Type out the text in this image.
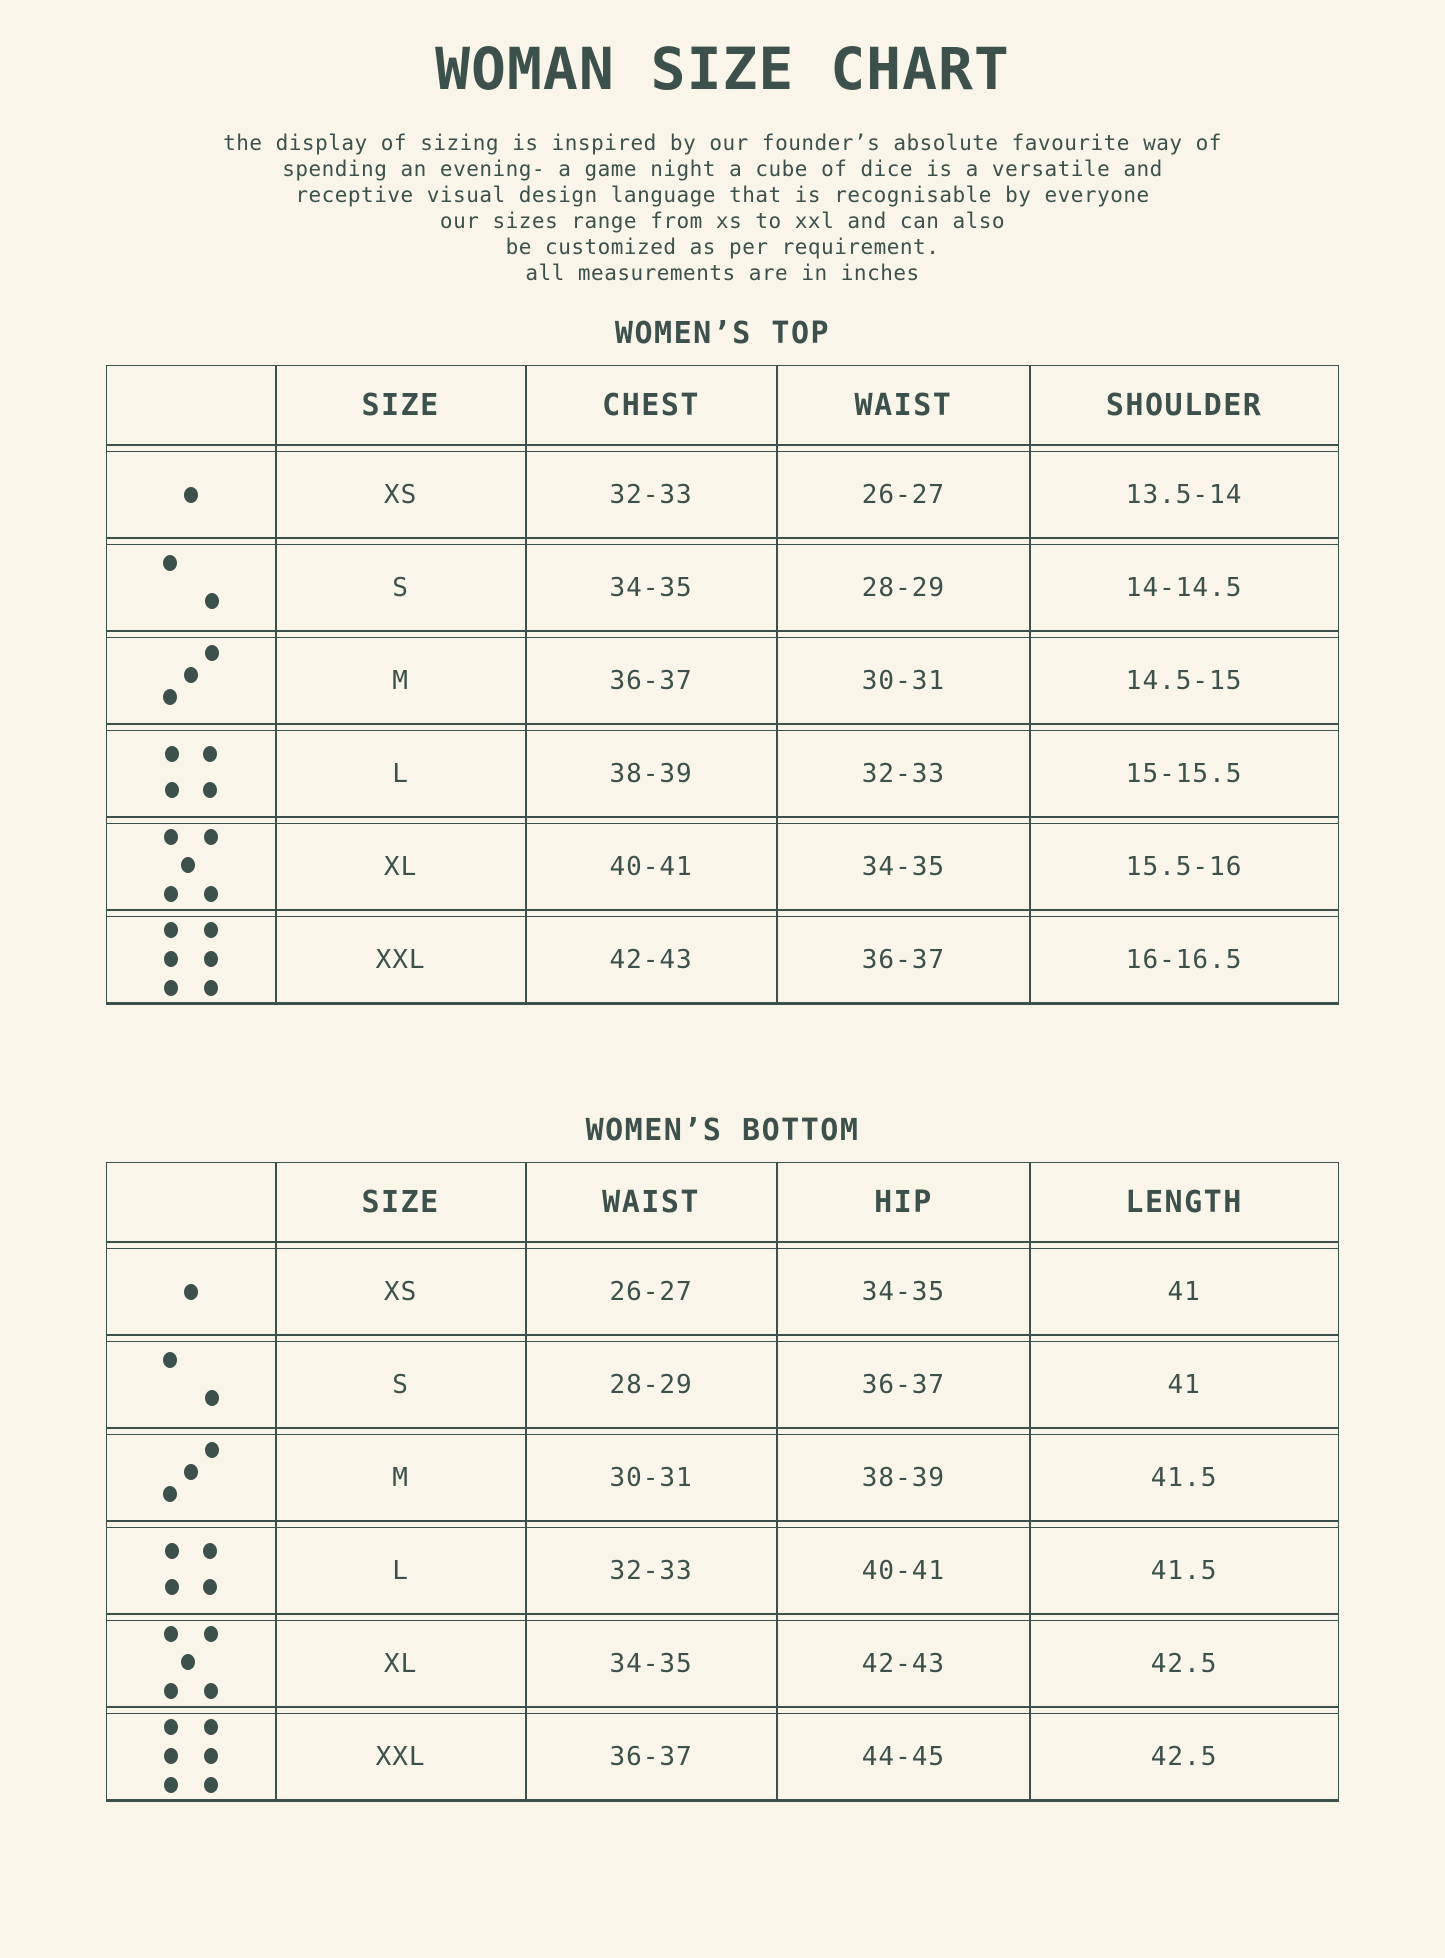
WOMAN SIZE CHART
the display of sizing is inspired by our founder’s absolute favourite way of
spending an evening- a game night a cube of dice is a versatile and
receptive visual design language that is recognisable by everyone
our sizes range from xs to xxl and can also
be customized as per requirement.
all measurements are in inches
WOMEN’S TOP
SIZE	CHEST	WAIST	SHOULDER
XS	32-33	26-27	13.5-14
S	34-35	28-29	14-14.5
M	36-37	30-31	14.5-15
L	38-39	32-33	15-15.5
XL	40-41	34-35	15.5-16
XXL	42-43	36-37	16-16.5
WOMEN’S BOTTOM
SIZE	WAIST	HIP	LENGTH
XS	26-27	34-35	41
S	28-29	36-37	41
M	30-31	38-39	41.5
L	32-33	40-41	41.5
XL	34-35	42-43	42.5
XXL	36-37	44-45	42.5
